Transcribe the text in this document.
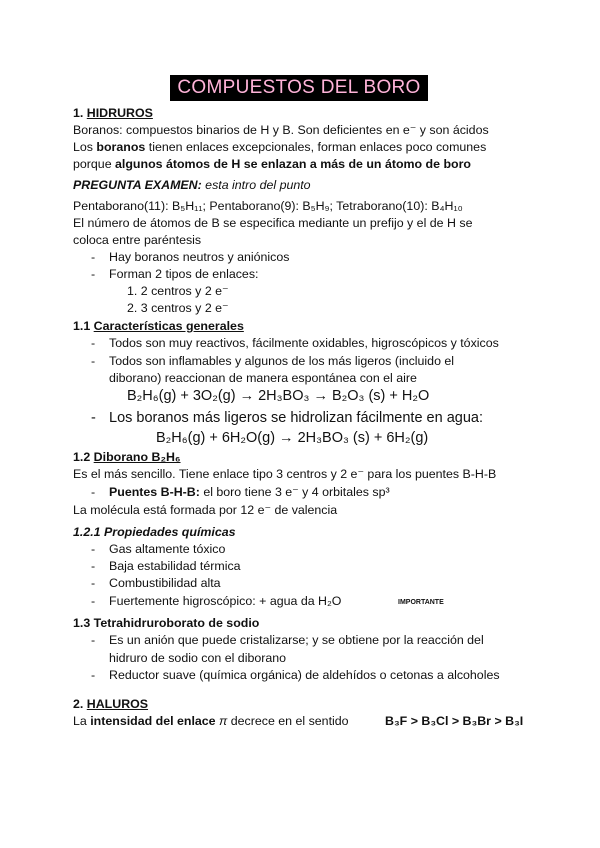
COMPUESTOS DEL BORO
1. HIDRUROS
Boranos: compuestos binarios de H y B. Son deficientes en e⁻ y son ácidos
Los boranos tienen enlaces excepcionales, forman enlaces poco comunes
porque algunos átomos de H se enlazan a más de un átomo de boro
PREGUNTA EXAMEN: esta intro del punto
Pentaborano(11): B₅H₁₁; Pentaborano(9): B₅H₉; Tetraborano(10): B₄H₁₀
El número de átomos de B se especifica mediante un prefijo y el de H se
coloca entre paréntesis
- Hay boranos neutros y aniónicos
- Forman 2 tipos de enlaces:
1. 2 centros y 2 e⁻
2. 3 centros y 2 e⁻
1.1 Características generales
- Todos son muy reactivos, fácilmente oxidables, higroscópicos y tóxicos
- Todos son inflamables y algunos de los más ligeros (incluido el
diborano) reaccionan de manera espontánea con el aire
B₂H₆(g) + 3O₂(g) → 2H₃BO₃ → B₂O₃ (s) + H₂O
- Los boranos más ligeros se hidrolizan fácilmente en agua:
B₂H₆(g) + 6H₂O(g) → 2H₃BO₃ (s) + 6H₂(g)
1.2 Diborano B₂H₆
Es el más sencillo. Tiene enlace tipo 3 centros y 2 e⁻ para los puentes B-H-B
- Puentes B-H-B: el boro tiene 3 e⁻ y 4 orbitales sp³
La molécula está formada por 12 e⁻ de valencia
1.2.1 Propiedades químicas
- Gas altamente tóxico
- Baja estabilidad térmica
- Combustibilidad alta
- Fuertemente higroscópico: + agua da H₂O	IMPORTANTE
1.3 Tetrahidruroborato de sodio
- Es un anión que puede cristalizarse; y se obtiene por la reacción del
hidruro de sodio con el diborano
- Reductor suave (química orgánica) de aldehídos o cetonas a alcoholes
2. HALUROS
La intensidad del enlace π decrece en el sentido	B₃F > B₃Cl > B₃Br > B₃I
